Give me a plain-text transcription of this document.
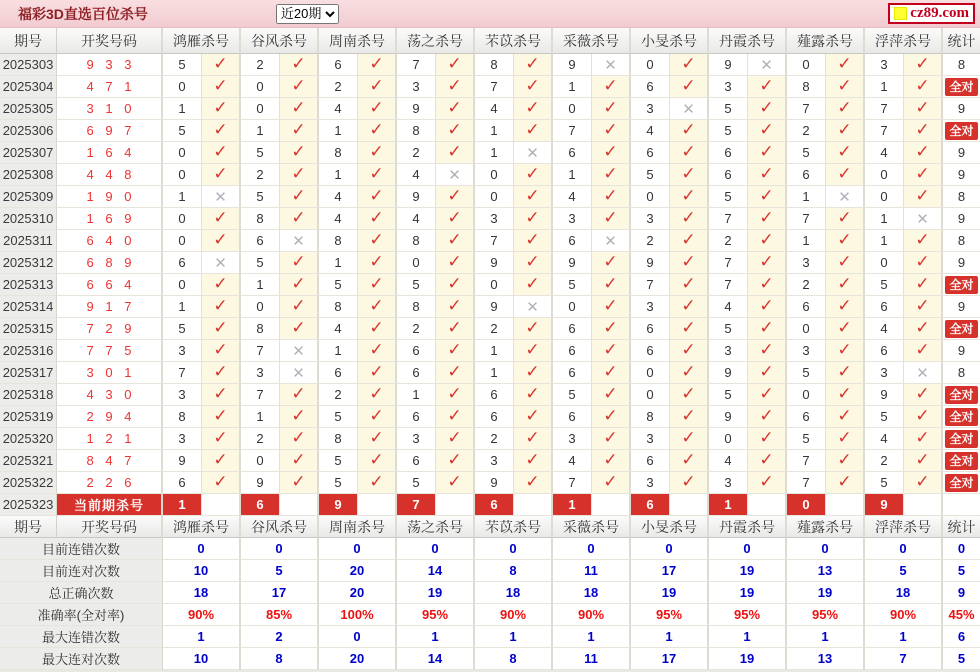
福彩3D直选百位杀号
近20期	cz89.com
期号	开奖号码	鸿雁杀号	谷风杀号	周南杀号	荡之杀号	芣苡杀号	采薇杀号	小旻杀号	丹霞杀号	薤露杀号	浮萍杀号	统计
2025303	9 3 3	5	✓	2	✓	6	✓	7	✓	8	✓	9	✕	0	✓	9	✕	0	✓	3	✓	8
2025304	4 7 1	0	✓	0	✓	2	✓	3	✓	7	✓	1	✓	6	✓	3	✓	8	✓	1	✓	全对
2025305	3 1 0	1	✓	0	✓	4	✓	9	✓	4	✓	0	✓	3	✕	5	✓	7	✓	7	✓	9
2025306	6 9 7	5	✓	1	✓	1	✓	8	✓	1	✓	7	✓	4	✓	5	✓	2	✓	7	✓	全对
2025307	1 6 4	0	✓	5	✓	8	✓	2	✓	1	✕	6	✓	6	✓	6	✓	5	✓	4	✓	9
2025308	4 4 8	0	✓	2	✓	1	✓	4	✕	0	✓	1	✓	5	✓	6	✓	6	✓	0	✓	9
2025309	1 9 0	1	✕	5	✓	4	✓	9	✓	0	✓	4	✓	0	✓	5	✓	1	✕	0	✓	8
2025310	1 6 9	0	✓	8	✓	4	✓	4	✓	3	✓	3	✓	3	✓	7	✓	7	✓	1	✕	9
2025311	6 4 0	0	✓	6	✕	8	✓	8	✓	7	✓	6	✕	2	✓	2	✓	1	✓	1	✓	8
2025312	6 8 9	6	✕	5	✓	1	✓	0	✓	9	✓	9	✓	9	✓	7	✓	3	✓	0	✓	9
2025313	6 6 4	0	✓	1	✓	5	✓	5	✓	0	✓	5	✓	7	✓	7	✓	2	✓	5	✓	全对
2025314	9 1 7	1	✓	0	✓	8	✓	8	✓	9	✕	0	✓	3	✓	4	✓	6	✓	6	✓	9
2025315	7 2 9	5	✓	8	✓	4	✓	2	✓	2	✓	6	✓	6	✓	5	✓	0	✓	4	✓	全对
2025316	7 7 5	3	✓	7	✕	1	✓	6	✓	1	✓	6	✓	6	✓	3	✓	3	✓	6	✓	9
2025317	3 0 1	7	✓	3	✕	6	✓	6	✓	1	✓	6	✓	0	✓	9	✓	5	✓	3	✕	8
2025318	4 3 0	3	✓	7	✓	2	✓	1	✓	6	✓	5	✓	0	✓	5	✓	0	✓	9	✓	全对
2025319	2 9 4	8	✓	1	✓	5	✓	6	✓	6	✓	6	✓	8	✓	9	✓	6	✓	5	✓	全对
2025320	1 2 1	3	✓	2	✓	8	✓	3	✓	2	✓	3	✓	3	✓	0	✓	5	✓	4	✓	全对
2025321	8 4 7	9	✓	0	✓	5	✓	6	✓	3	✓	4	✓	6	✓	4	✓	7	✓	2	✓	全对
2025322	2 2 6	6	✓	9	✓	5	✓	5	✓	9	✓	7	✓	3	✓	3	✓	7	✓	5	✓	全对
2025323	当前期杀号	1	6	9	7	6	1	6	1	0	9
期号	开奖号码	鸿雁杀号	谷风杀号	周南杀号	荡之杀号	芣苡杀号	采薇杀号	小旻杀号	丹霞杀号	薤露杀号	浮萍杀号	统计
目前连错次数	0	0	0	0	0	0	0	0	0	0	0
目前连对次数	10	5	20	14	8	11	17	19	13	5	5
总正确次数	18	17	20	19	18	18	19	19	19	18	9
准确率(全对率)	90%	85%	100%	95%	90%	90%	95%	95%	95%	90%	45%
最大连错次数	1	2	0	1	1	1	1	1	1	1	6
最大连对次数	10	8	20	14	8	11	17	19	13	7	5
